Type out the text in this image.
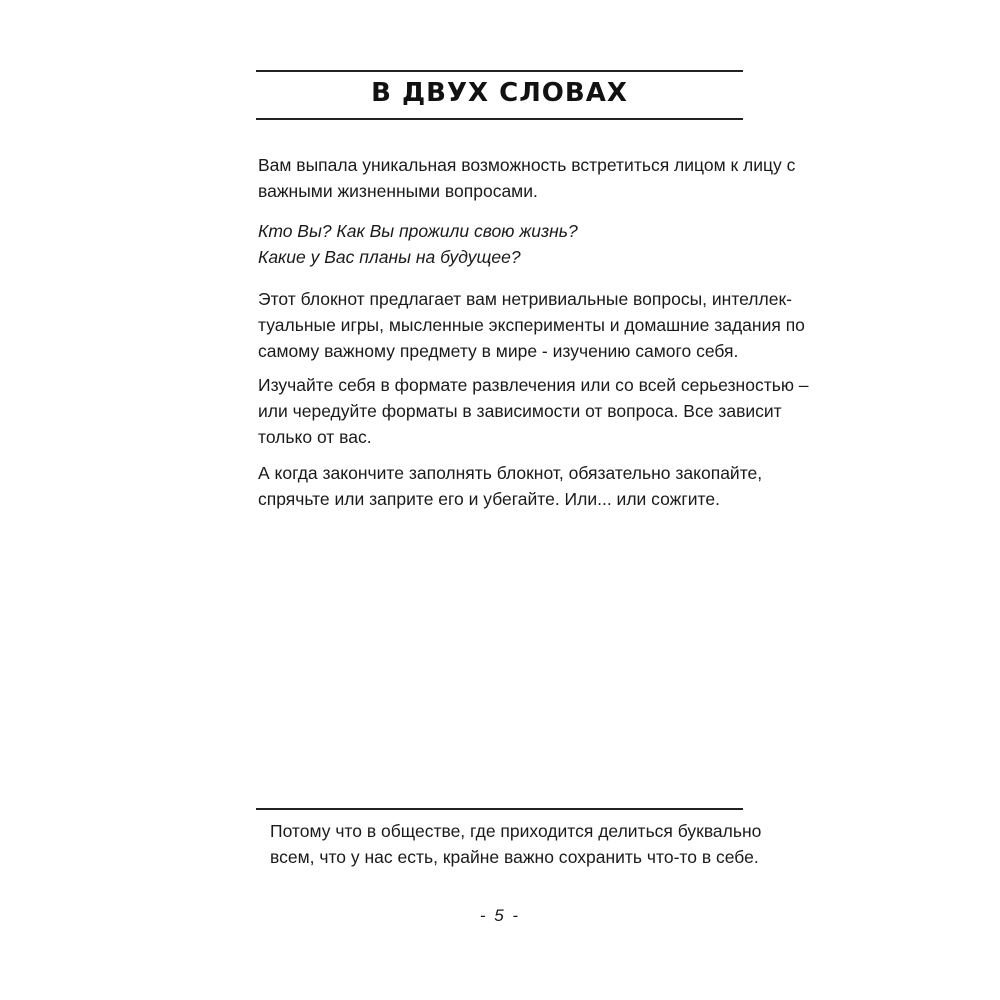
В ДВУХ СЛОВАХ
Вам выпала уникальная возможность встретиться лицом к лицу с
важными жизненными вопросами.
Кто Вы? Как Вы прожили свою жизнь?
Какие у Вас планы на будущее?
Этот блокнот предлагает вам нетривиальные вопросы, интеллек-
туальные игры, мысленные эксперименты и домашние задания по
самому важному предмету в мире - изучению самого себя.
Изучайте себя в формате развлечения или со всей серьезностью –
или чередуйте форматы в зависимости от вопроса. Все зависит
только от вас.
А когда закончите заполнять блокнот, обязательно закопайте,
спрячьте или заприте его и убегайте. Или... или сожгите.
Потому что в обществе, где приходится делиться буквально
всем, что у нас есть, крайне важно сохранить что-то в себе.
- 5 -
